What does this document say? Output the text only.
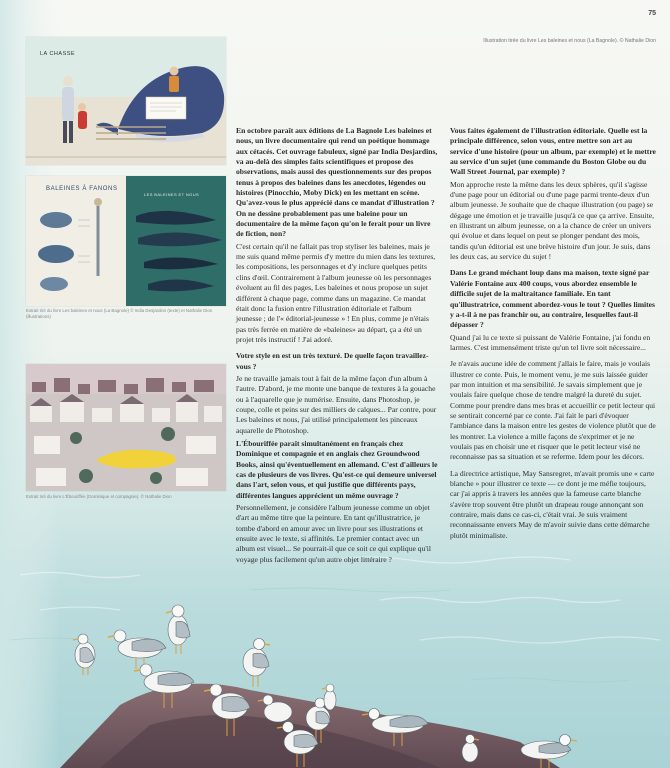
75
Illustration tirée du livre Les baleines et nous (La Bagnole). © Nathalie Dion
LA CHASSE
Deux sont morts ?
BALEINES À FANONS
LES BALEINES ET NOUS
Extrait tiré du livre Les baleines et nous (La Bagnole) © India Desjardins (texte) et Nathalie Dion (illustrations)
Extrait tiré du livre L'Ébouriffée (Dominique et compagnie). © Nathalie Dion

En octobre paraît aux éditions de La Bagnole Les baleines et nous, un livre documentaire qui rend un poétique hommage aux cétacés. Cet ouvrage fabuleux, signé par India Desjardins, va au-delà des simples faits scientifiques et propose des observations, mais aussi des questionnements sur des propos tenus à propos des baleines dans les anecdotes, légendes ou histoires (Pinocchio, Moby Dick) en les mettant en scène. Qu'avez-vous le plus apprécié dans ce mandat d'illustration ? On ne dessine probablement pas une baleine pour un documentaire de la même façon qu'on le ferait pour un livre de fiction, non?

C'est certain qu'il ne fallait pas trop styliser les baleines, mais je me suis quand même permis d'y mettre du mien dans les textures, les compositions, les personnages et d'y inclure quelques petits clins d'œil. Contrairement à l'album jeunesse où les personnages évoluent au fil des pages, Les baleines et nous propose un sujet différent à chaque page, comme dans un magazine. Ce mandat était donc la fusion entre l'illustration éditoriale et l'album jeunesse ; de l'« éditorial-jeunesse » ! En plus, comme je n'étais pas très ferrée en matière de «baleines» au départ, ça a été un projet très instructif ! J'ai adoré.

Votre style en est un très texturé. De quelle façon travaillez-vous ?

Je ne travaille jamais tout à fait de la même façon d'un album à l'autre. D'abord, je me monte une banque de textures à la gouache ou à l'aquarelle que je numérise. Ensuite, dans Photoshop, je coupe, colle et peins sur des milliers de calques... Par contre, pour Les baleines et nous, j'ai utilisé principalement les pinceaux aquarelle de Photoshop.

L'Ébouriffée paraît simultanément en français chez Dominique et compagnie et en anglais chez Groundwood Books, ainsi qu'éventuellement en allemand. C'est d'ailleurs le cas de plusieurs de vos livres. Qu'est-ce qui demeure universel dans l'art, selon vous, et qui justifie que différents pays, différentes langues apprécient un même ouvrage ?

Personnellement, je considère l'album jeunesse comme un objet d'art au même titre que la peinture. En tant qu'illustratrice, je tombe d'abord en amour avec un livre pour ses illustrations et ensuite avec le texte, si affinités. Le premier contact avec un album est visuel... Se pourrait-il que ce soit ce qui explique qu'il voyage plus facilement qu'un autre objet littéraire ?

Vous faites également de l'illustration éditoriale. Quelle est la principale différence, selon vous, entre mettre son art au service d'une histoire (pour un album, par exemple) et le mettre au service d'un sujet (une commande du Boston Globe ou du Wall Street Journal, par exemple) ?

Mon approche reste la même dans les deux sphères, qu'il s'agisse d'une page pour un éditorial ou d'une page parmi trente-deux d'un album jeunesse. Je souhaite que de chaque illustration (ou page) se dégage une émotion et je travaille jusqu'à ce que ça arrive. Ensuite, en illustrant un album jeunesse, on a la chance de créer un univers qui évolue et dans lequel on peut se plonger pendant des mois, tandis qu'un éditorial est une brève histoire d'un jour. Je suis, dans les deux cas, au service du sujet !

Dans Le grand méchant loup dans ma maison, texte signé par Valérie Fontaine aux 400 coups, vous abordez ensemble le difficile sujet de la maltraitance familiale. En tant qu'illustratrice, comment abordez-vous le tout ? Quelles limites y a-t-il à ne pas franchir ou, au contraire, lesquelles faut-il dépasser ?

Quand j'ai lu ce texte si puissant de Valérie Fontaine, j'ai fondu en larmes. C'est immensément triste qu'un tel livre soit nécessaire...

Je n'avais aucune idée de comment j'allais le faire, mais je voulais illustrer ce conte. Puis, le moment venu, je me suis laissée guider par mon intuition et ma sensibilité. Je savais simplement que je voulais faire quelque chose de tendre malgré la dureté du sujet. Comme pour prendre dans mes bras et accueillir ce petit lecteur qui se sentirait concerné par ce conte. J'ai fait le pari d'évoquer l'ambiance dans la maison entre les gestes de violence plutôt que de les montrer. La violence a mille façons de s'exprimer et je ne voulais pas en choisir une et risquer que le petit lecteur visé ne reconnaisse pas sa situation et se referme. Idem pour les décors.

La directrice artistique, May Sansregret, m'avait promis une « carte blanche » pour illustrer ce texte — ce dont je me méfie toujours, car j'ai appris à travers les années que la fameuse carte blanche s'avère trop souvent être plutôt un drapeau rouge annonçant son contraire, mais dans ce cas-ci, c'était vrai. Je suis vraiment reconnaissante envers May de m'avoir suivie dans cette démarche plutôt minimaliste.
